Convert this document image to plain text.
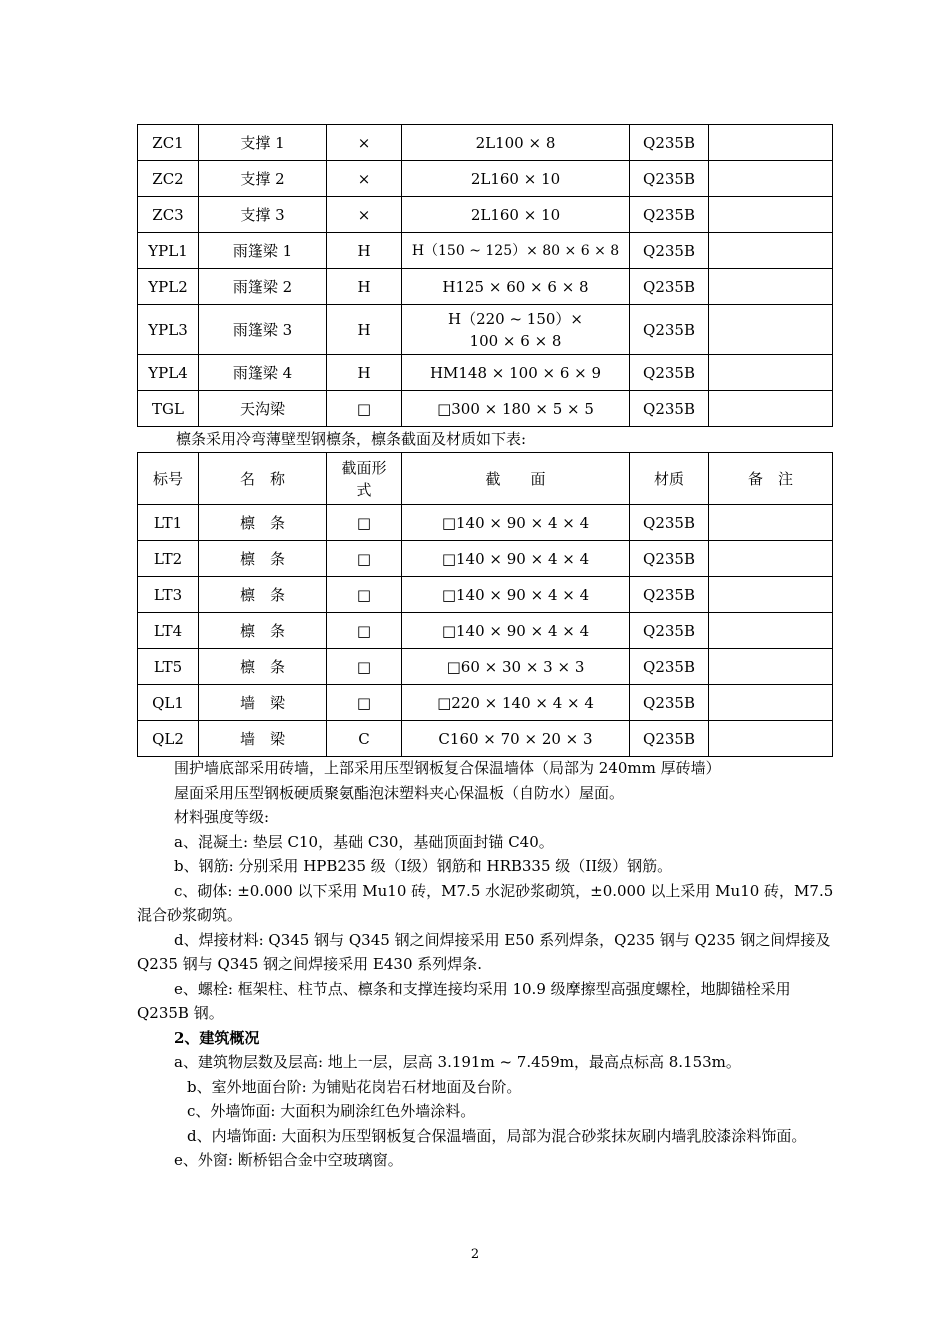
ZC1	支撑 1	×	2L100 × 8	Q235B	
ZC2	支撑 2	×	2L160 × 10	Q235B	
ZC3	支撑 3	×	2L160 × 10	Q235B	
YPL1	雨篷梁 1	H	H（150 ~ 125）× 80 × 6 × 8	Q235B	
YPL2	雨篷梁 2	H	H125 × 60 × 6 × 8	Q235B	
YPL3	雨篷梁 3	H	H（220 ~ 150）× 100 × 6 × 8	Q235B	
YPL4	雨篷梁 4	H	HM148 × 100 × 6 × 9	Q235B	
TGL	天沟梁	□	□300 × 180 × 5 × 5	Q235B	
檩条采用冷弯薄壁型钢檩条，檩条截面及材质如下表:
标号	名　称	截面形式	截　　面	材质	备　注
LT1	檩　条	□	□140 × 90 × 4 × 4	Q235B	
LT2	檩　条	□	□140 × 90 × 4 × 4	Q235B	
LT3	檩　条	□	□140 × 90 × 4 × 4	Q235B	
LT4	檩　条	□	□140 × 90 × 4 × 4	Q235B	
LT5	檩　条	□	□60 × 30 × 3 × 3	Q235B	
QL1	墙　梁	□	□220 × 140 × 4 × 4	Q235B	
QL2	墙　梁	C	C160 × 70 × 20 × 3	Q235B	

围护墙底部采用砖墙，上部采用压型钢板复合保温墙体（局部为 240mm 厚砖墙）

屋面采用压型钢板硬质聚氨酯泡沫塑料夹心保温板（自防水）屋面。

材料强度等级:

a、混凝土: 垫层 C10，基础 C30，基础顶面封锚 C40。

b、钢筋: 分别采用 HPB235 级（Ⅰ级）钢筋和 HRB335 级（II级）钢筋。

c、砌体: ±0.000 以下采用 Mu10 砖，M7.5 水泥砂浆砌筑，±0.000 以上采用 Mu10 砖，M7.5 混合砂浆砌筑。

d、焊接材料: Q345 钢与 Q345 钢之间焊接采用 E50 系列焊条，Q235 钢与 Q235 钢之间焊接及 Q235 钢与 Q345 钢之间焊接采用 E430 系列焊条.

e、螺栓: 框架柱、柱节点、檩条和支撑连接均采用 10.9 级摩擦型高强度螺栓，地脚锚栓采用 Q235B 钢。

2、建筑概况

a、建筑物层数及层高: 地上一层，层高 3.191m ~ 7.459m，最高点标高 8.153m。

b、室外地面台阶: 为铺贴花岗岩石材地面及台阶。

c、外墙饰面: 大面积为刷涂红色外墙涂料。

d、内墙饰面: 大面积为压型钢板复合保温墙面，局部为混合砂浆抹灰刷内墙乳胶漆涂料饰面。

e、外窗: 断桥铝合金中空玻璃窗。

2
